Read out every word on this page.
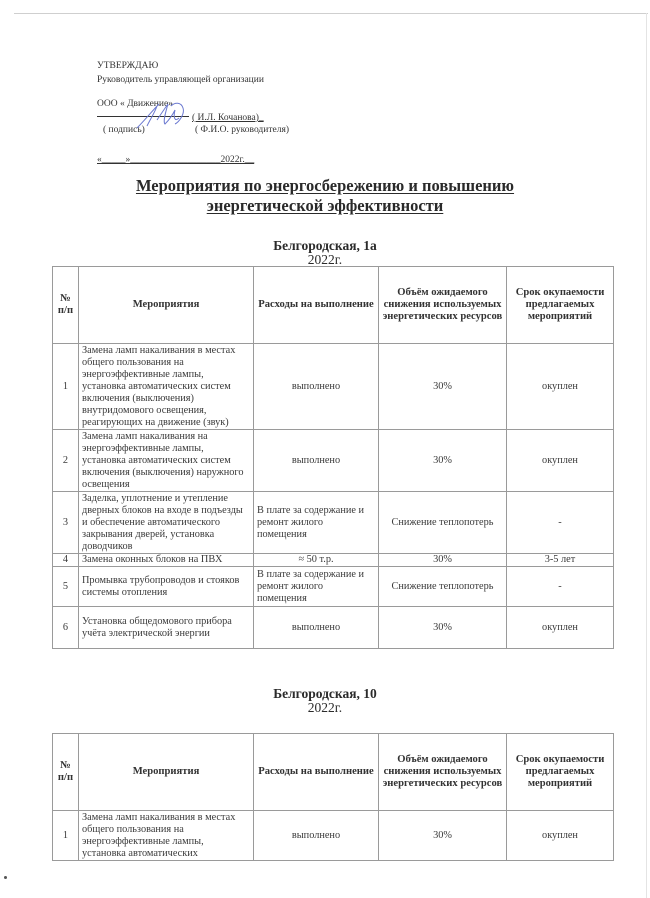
УТВЕРЖДАЮ
Руководитель управляющей организации
ООО « Движение»
( И.Л. Кочанова)_
( подпись)	( Ф.И.О. руководителя)
«_____»___________________2022г.__
Мероприятия по энергосбережению и повышению
энергетической эффективности
Белгородская, 1а
2022г.
№ п/п	Мероприятия	Расходы на выполнение	Объём ожидаемого снижения используемых энергетических ресурсов	Срок окупаемости предлагаемых мероприятий
1	Замена ламп накаливания в местах общего пользования на энергоэффективные лампы, установка автоматических систем включения (выключения) внутридомового освещения, реагирующих на движение (звук)	выполнено	30%	окуплен
2	Замена ламп накаливания на энергоэффективные лампы, установка автоматических систем включения (выключения) наружного освещения	выполнено	30%	окуплен
3	Заделка, уплотнение и утепление дверных блоков на входе в подъезды и обеспечение автоматического закрывания дверей, установка доводчиков	В плате за содержание и ремонт жилого помещения	Снижение теплопотерь	-
4	Замена оконных блоков на ПВХ	≈ 50 т.р.	30%	3-5 лет
5	Промывка трубопроводов и стояков системы отопления	В плате за содержание и ремонт жилого помещения	Снижение теплопотерь	-
6	Установка общедомового прибора учёта электрической энергии	выполнено	30%	окуплен
Белгородская, 10
2022г.
№ п/п	Мероприятия	Расходы на выполнение	Объём ожидаемого снижения используемых энергетических ресурсов	Срок окупаемости предлагаемых мероприятий
1	Замена ламп накаливания в местах общего пользования на энергоэффективные лампы, установка автоматических	выполнено	30%	окуплен
